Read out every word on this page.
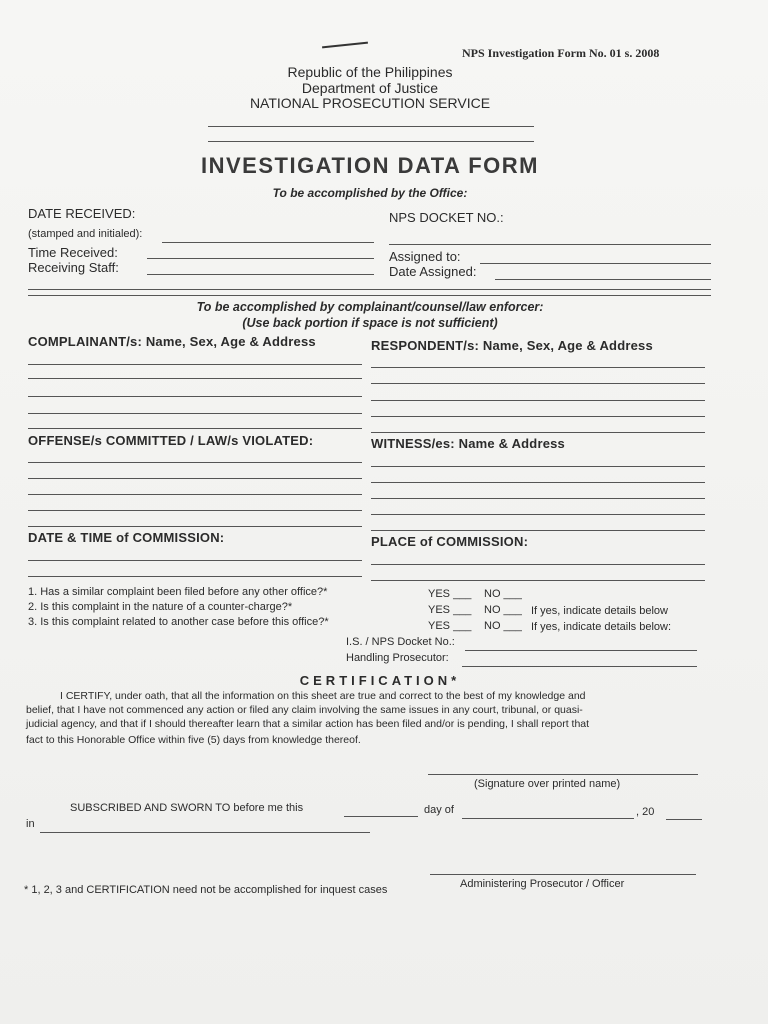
NPS Investigation Form No. 01 s. 2008
Republic of the Philippines
Department of Justice
NATIONAL PROSECUTION SERVICE
INVESTIGATION DATA FORM
To be accomplished by the Office:
DATE RECEIVED:
(stamped and initialed):
Time Received:
Receiving Staff:
NPS DOCKET NO.:
Assigned to:
Date Assigned:
To be accomplished by complainant/counsel/law enforcer:
(Use back portion if space is not sufficient)
COMPLAINANT/s: Name, Sex, Age & Address	RESPONDENT/s: Name, Sex, Age & Address
OFFENSE/s COMMITTED / LAW/s VIOLATED:	WITNESS/es: Name & Address
DATE & TIME of COMMISSION:	PLACE of COMMISSION:
1. Has a similar complaint been filed before any other office?*	YES ___ NO ___
2. Is this complaint in the nature of a counter-charge?*	YES ___ NO ___ If yes, indicate details below
3. Is this complaint related to another case before this office?*	YES ___ NO ___ If yes, indicate details below:
I.S. / NPS Docket No.:
Handling Prosecutor:
CERTIFICATION*
I CERTIFY, under oath, that all the information on this sheet are true and correct to the best of my knowledge and
belief, that I have not commenced any action or filed any claim involving the same issues in any court, tribunal, or quasi-
judicial agency, and that if I should thereafter learn that a similar action has been filed and/or is pending, I shall report that
fact to this Honorable Office within five (5) days from knowledge thereof.
(Signature over printed name)
SUBSCRIBED AND SWORN TO before me this	day of	, 20
in
Administering Prosecutor / Officer
* 1, 2, 3 and CERTIFICATION need not be accomplished for inquest cases
